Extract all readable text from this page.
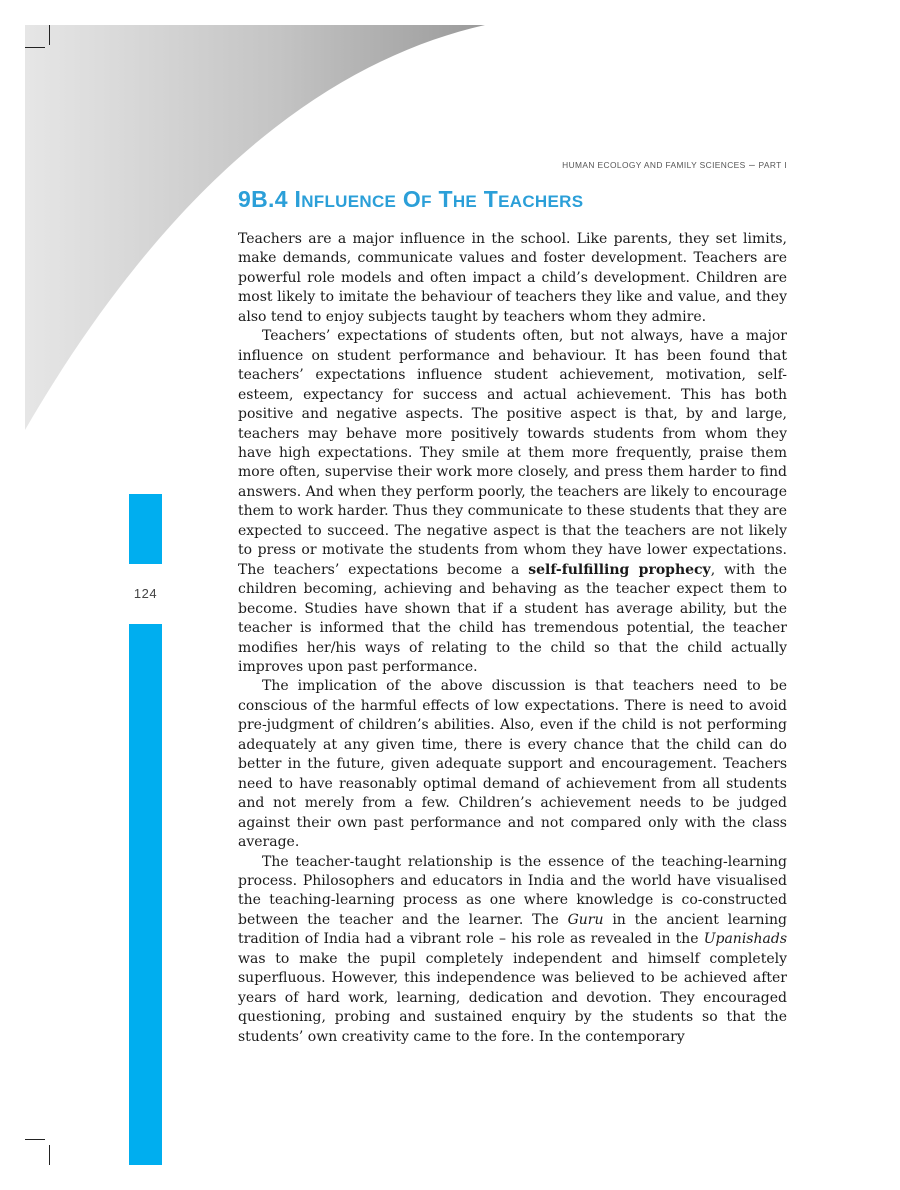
HUMAN ECOLOGY AND FAMILY SCIENCES – PART I
9B.4 INFLUENCE OF THE TEACHERS
124

Teachers are a major influence in the school. Like parents, they set limits, make demands, communicate values and foster development. Teachers are powerful role models and often impact a child’s development. Children are most likely to imitate the behaviour of teachers they like and value, and they also tend to enjoy subjects taught by teachers whom they admire.

Teachers’ expectations of students often, but not always, have a major influence on student performance and behaviour. It has been found that teachers’ expectations influence student achievement, motivation, self-esteem, expectancy for success and actual achievement. This has both positive and negative aspects. The positive aspect is that, by and large, teachers may behave more positively towards students from whom they have high expectations. They smile at them more frequently, praise them more often, supervise their work more closely, and press them harder to find answers. And when they perform poorly, the teachers are likely to encourage them to work harder. Thus they communicate to these students that they are expected to succeed. The negative aspect is that the teachers are not likely to press or motivate the students from whom they have lower expectations. The teachers’ expectations become a self-fulfilling prophecy, with the children becoming, achieving and behaving as the teacher expect them to become. Studies have shown that if a student has average ability, but the teacher is informed that the child has tremendous potential, the teacher modifies her/his ways of relating to the child so that the child actually improves upon past performance.

The implication of the above discussion is that teachers need to be conscious of the harmful effects of low expectations. There is need to avoid pre-judgment of children’s abilities. Also, even if the child is not performing adequately at any given time, there is every chance that the child can do better in the future, given adequate support and encouragement. Teachers need to have reasonably optimal demand of achievement from all students and not merely from a few. Children’s achievement needs to be judged against their own past performance and not compared only with the class average.

The teacher-taught relationship is the essence of the teaching-learning process. Philosophers and educators in India and the world have visualised the teaching-learning process as one where knowledge is co-constructed between the teacher and the learner. The Guru in the ancient learning tradition of India had a vibrant role – his role as revealed in the Upanishads was to make the pupil completely independent and himself completely superfluous. However, this independence was believed to be achieved after years of hard work, learning, dedication and devotion. They encouraged questioning, probing and sustained enquiry by the students so that the students’ own creativity came to the fore. In the contemporary
